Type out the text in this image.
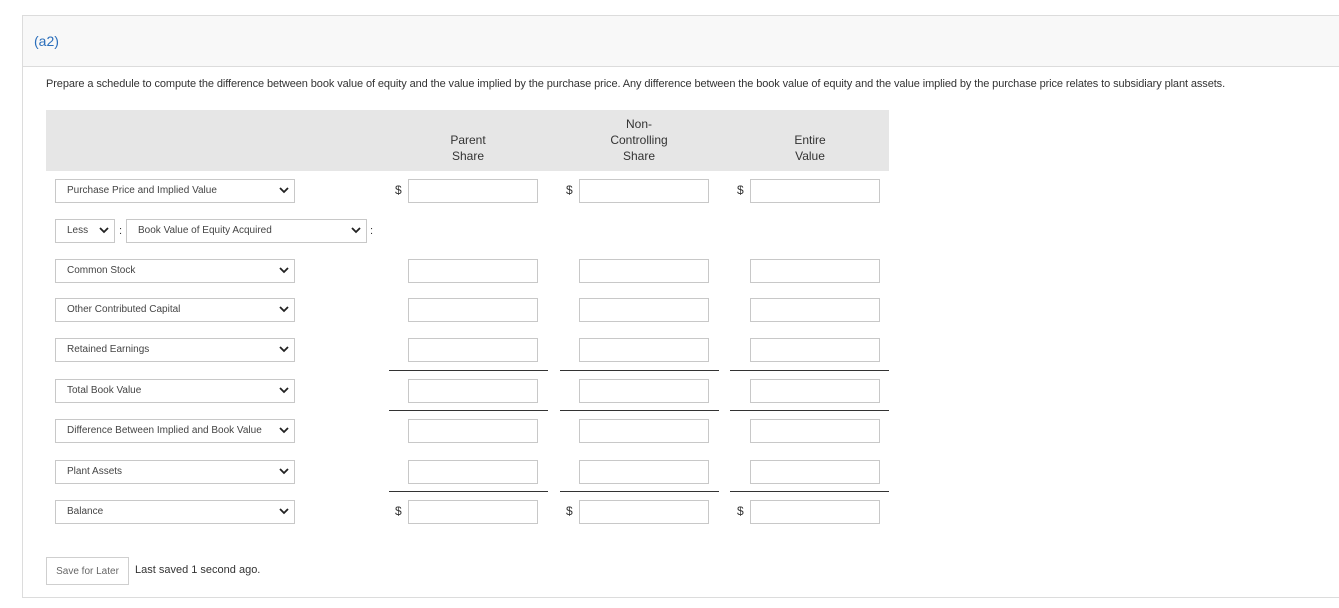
(a2)
Prepare a schedule to compute the difference between book value of equity and the value implied by the purchase price. Any difference between the book value of equity and the value implied by the purchase price relates to subsidiary plant assets.
Parent
Share
Non-
Controlling
Share
Entire
Value
Purchase Price and Implied Value	$	$	$
Less	:	Book Value of Equity Acquired	:
Common Stock
Other Contributed Capital
Retained Earnings
Total Book Value
Difference Between Implied and Book Value
Plant Assets
Balance	$	$	$
Save for Later	Last saved 1 second ago.
